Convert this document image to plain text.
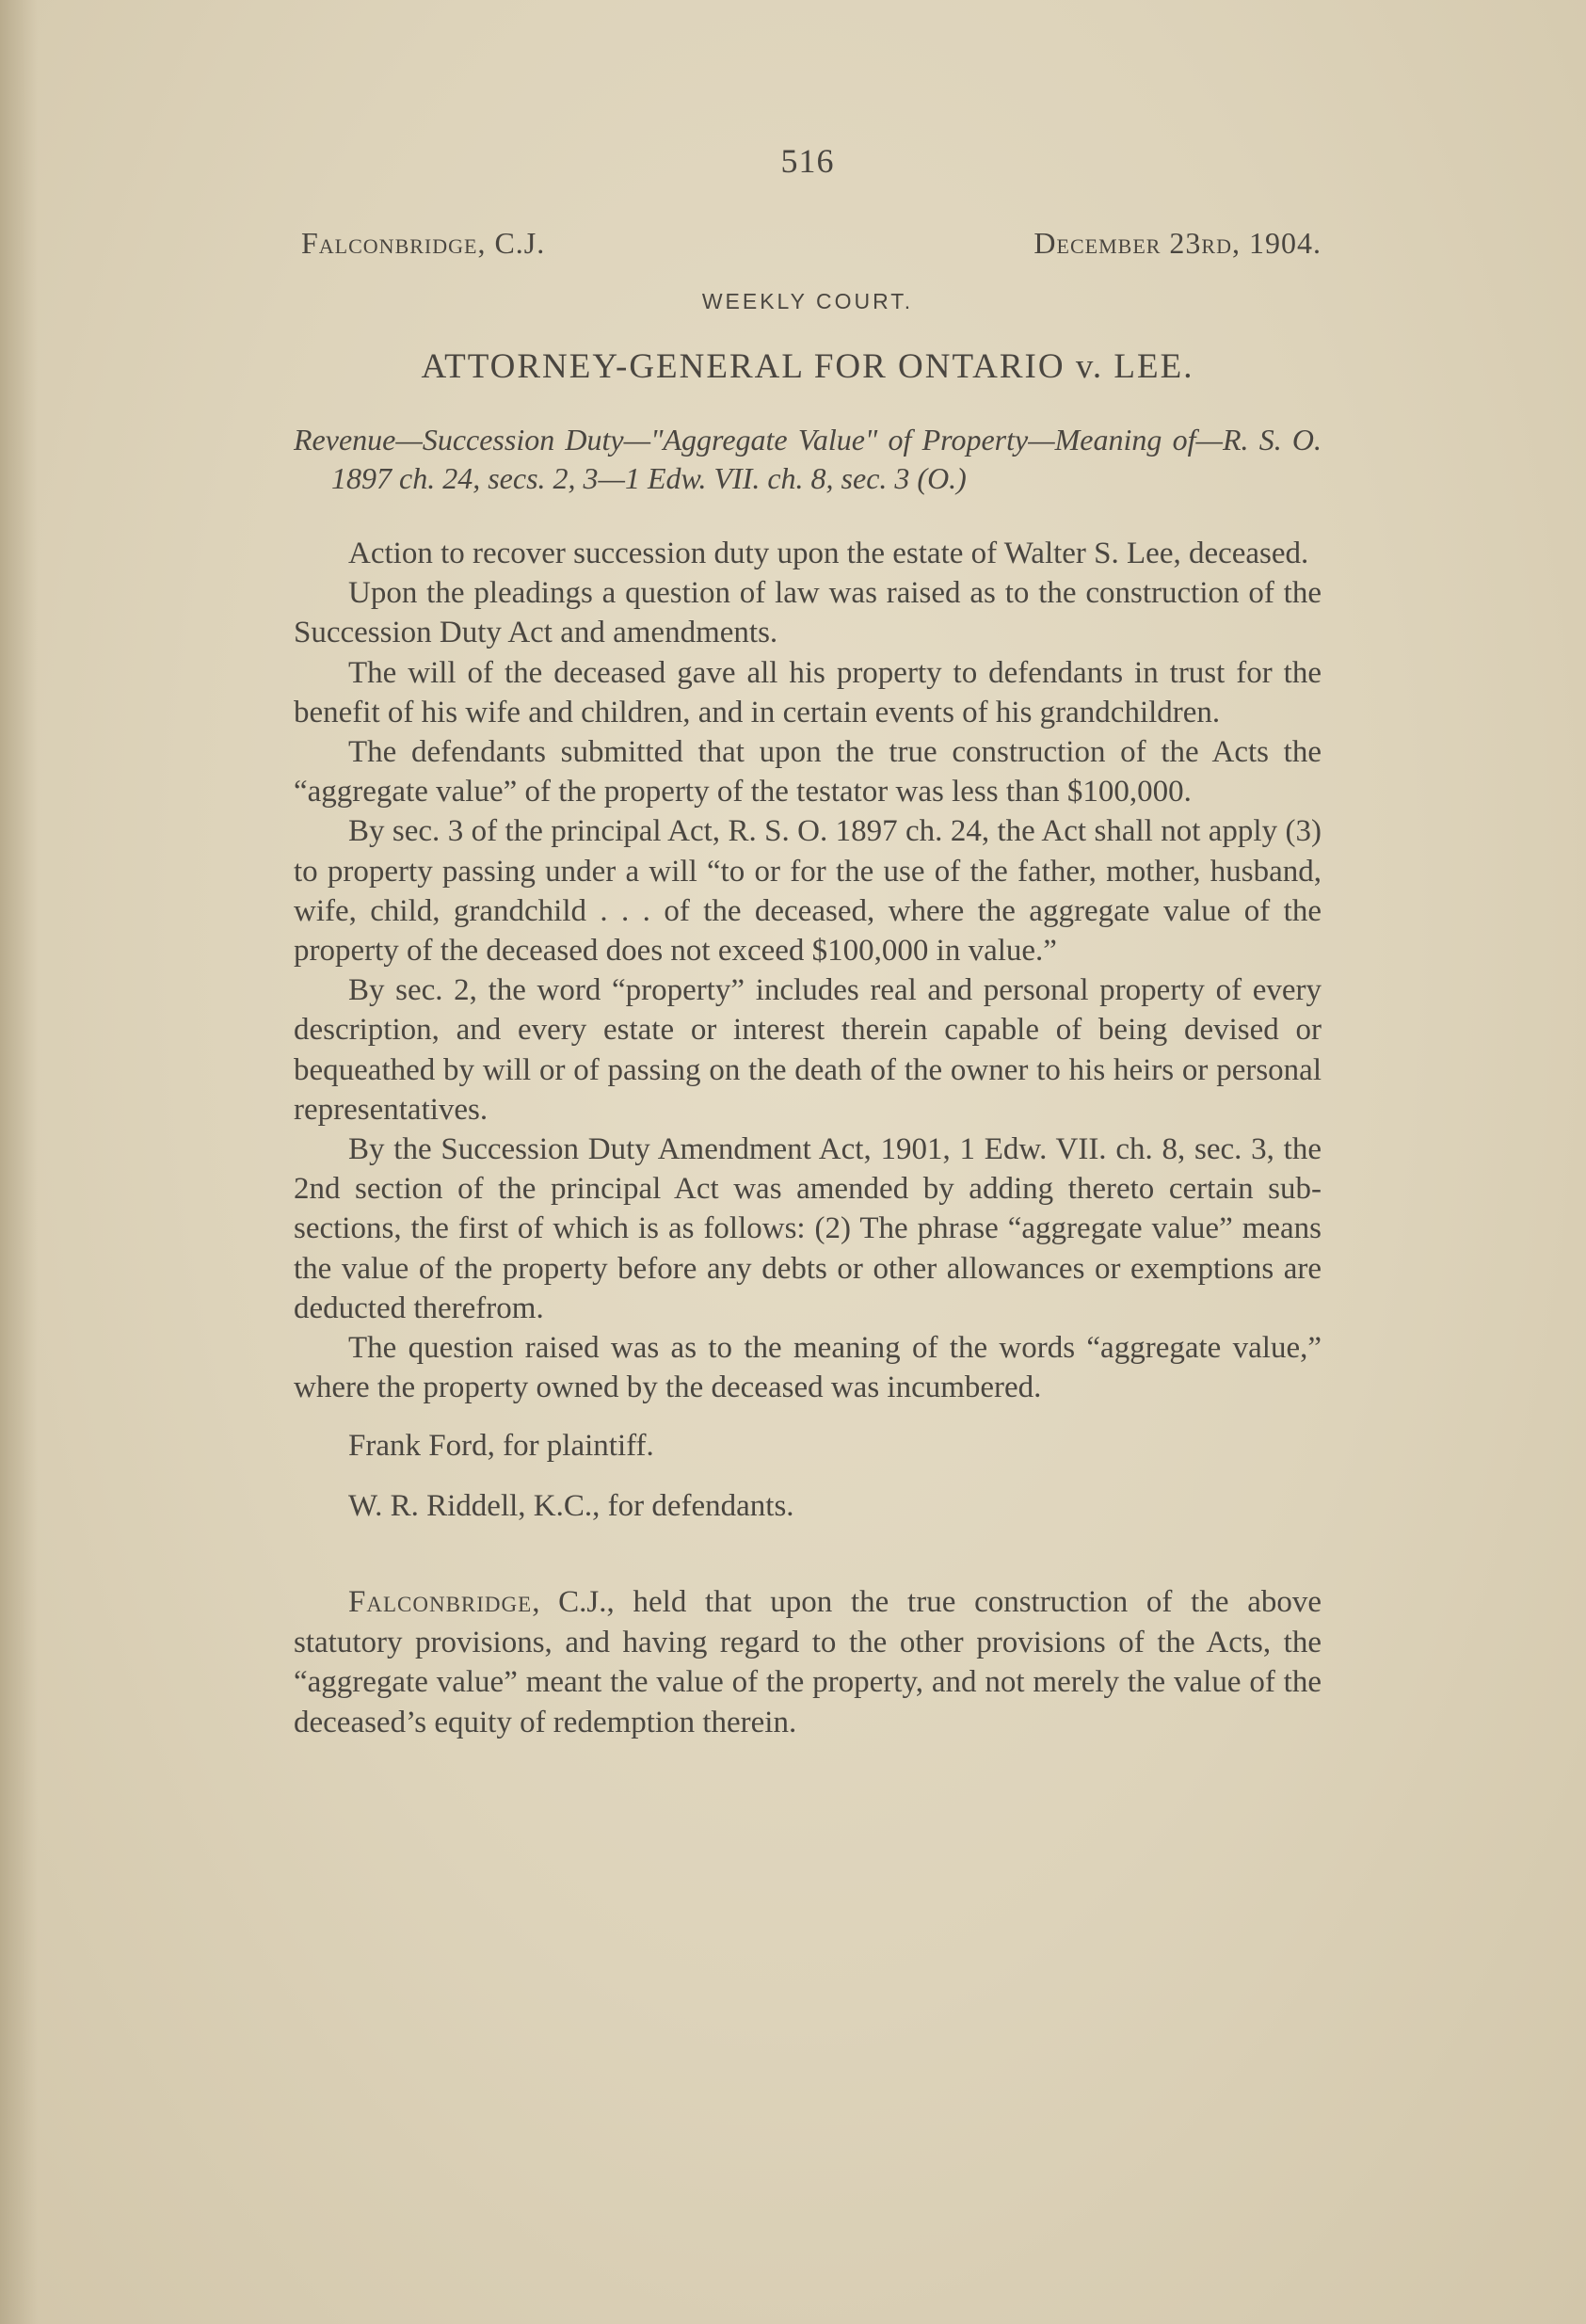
516
Falconbridge, C.J.	December 23rd, 1904.
WEEKLY COURT.
ATTORNEY-GENERAL FOR ONTARIO v. LEE.

Revenue—Succession Duty—"Aggregate Value" of Property—Meaning of—R. S. O. 1897 ch. 24, secs. 2, 3—1 Edw. VII. ch. 8, sec. 3 (O.)

Action to recover succession duty upon the estate of Walter S. Lee, deceased.

Upon the pleadings a question of law was raised as to the construction of the Succession Duty Act and amendments.

The will of the deceased gave all his property to defendants in trust for the benefit of his wife and children, and in certain events of his grandchildren.

The defendants submitted that upon the true construction of the Acts the “aggregate value” of the property of the testator was less than $100,000.

By sec. 3 of the principal Act, R. S. O. 1897 ch. 24, the Act shall not apply (3) to property passing under a will “to or for the use of the father, mother, husband, wife, child, grandchild . . . of the deceased, where the aggregate value of the property of the deceased does not exceed $100,000 in value.”

By sec. 2, the word “property” includes real and personal property of every description, and every estate or interest therein capable of being devised or bequeathed by will or of passing on the death of the owner to his heirs or personal representatives.

By the Succession Duty Amendment Act, 1901, 1 Edw. VII. ch. 8, sec. 3, the 2nd section of the principal Act was amended by adding thereto certain sub-sections, the first of which is as follows: (2) The phrase “aggregate value” means the value of the property before any debts or other allowances or exemptions are deducted therefrom.

The question raised was as to the meaning of the words “aggregate value,” where the property owned by the deceased was incumbered.

Frank Ford, for plaintiff.

W. R. Riddell, K.C., for defendants.

Falconbridge, C.J., held that upon the true construction of the above statutory provisions, and having regard to the other provisions of the Acts, the “aggregate value” meant the value of the property, and not merely the value of the deceased’s equity of redemption therein.
